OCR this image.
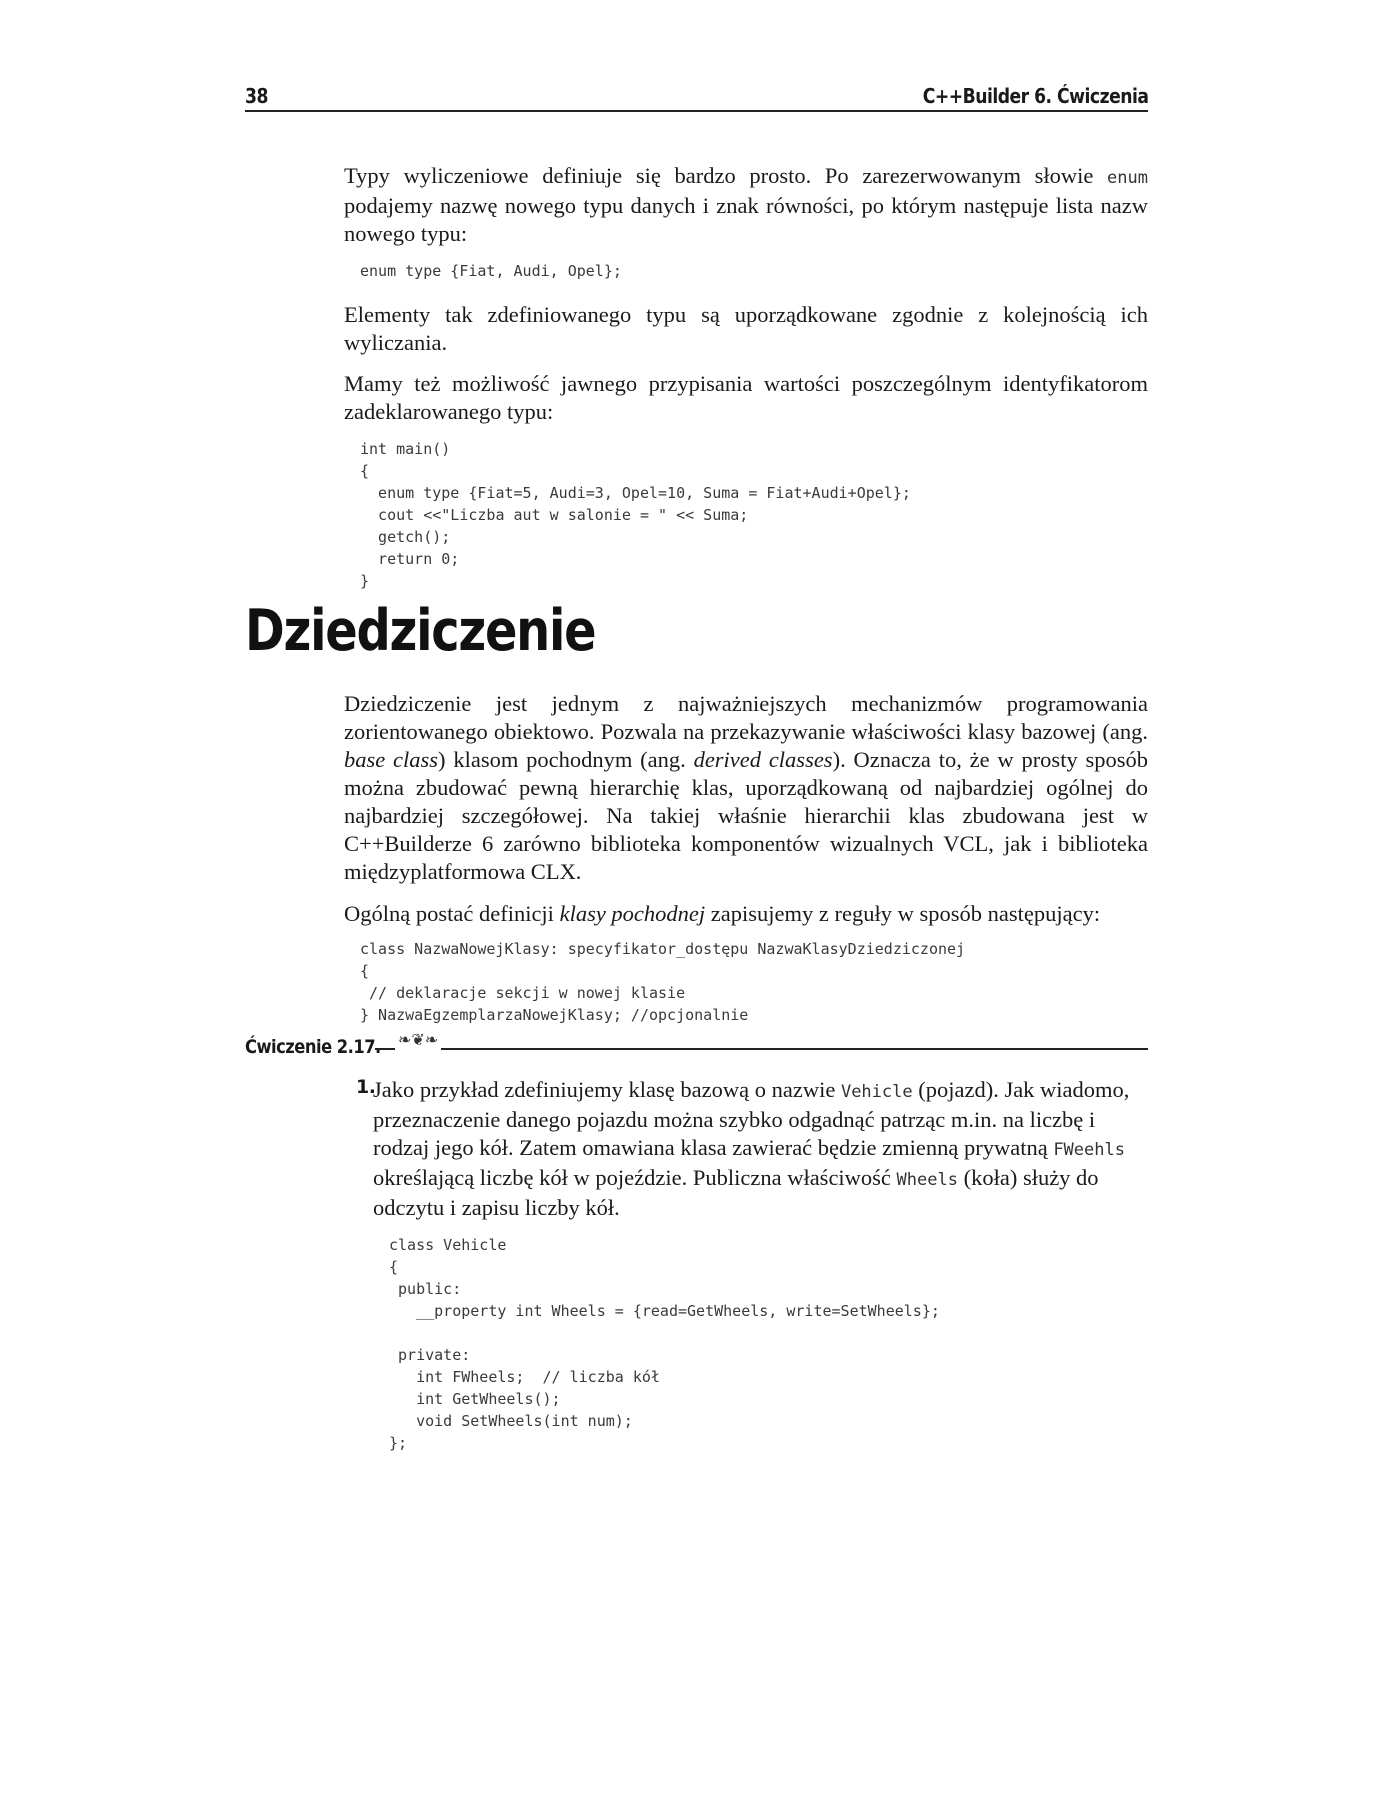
38	C++Builder 6. Ćwiczenia

Typy wyliczeniowe definiuje się bardzo prosto. Po zarezerwowanym słowie enum podajemy nazwę nowego typu danych i znak równości, po którym następuje lista nazw nowego typu:

enum type {Fiat, Audi, Opel};

Elementy tak zdefiniowanego typu są uporządkowane zgodnie z kolejnością ich wyliczania.

Mamy też możliwość jawnego przypisania wartości poszczególnym identyfikatorom zadeklarowanego typu:

int main()
{
enum type {Fiat=5, Audi=3, Opel=10, Suma = Fiat+Audi+Opel};
cout <<"Liczba aut w salonie = " << Suma;
getch();
return 0;
}
Dziedziczenie

Dziedziczenie jest jednym z najważniejszych mechanizmów programowania zorientowanego obiektowo. Pozwala na przekazywanie właściwości klasy bazowej (ang. base class) klasom pochodnym (ang. derived classes). Oznacza to, że w prosty sposób można zbudować pewną hierarchię klas, uporządkowaną od najbardziej ogólnej do najbardziej szczegółowej. Na takiej właśnie hierarchii klas zbudowana jest w C++Builderze 6 zarówno biblioteka komponentów wizualnych VCL, jak i biblioteka międzyplatformowa CLX.

Ogólną postać definicji klasy pochodnej zapisujemy z reguły w sposób następujący:

class NazwaNowejKlasy: specyfikator_dostępu NazwaKlasyDziedziczonej
{
// deklaracje sekcji w nowej klasie
} NazwaEgzemplarzaNowejKlasy; //opcjonalnie
Ćwiczenie 2.17. ❧❦❧
1.

Jako przykład zdefiniujemy klasę bazową o nazwie Vehicle (pojazd). Jak wiadomo, przeznaczenie danego pojazdu można szybko odgadnąć patrząc m.in. na liczbę i rodzaj jego kół. Zatem omawiana klasa zawierać będzie zmienną prywatną FWeehls określającą liczbę kół w pojeździe. Publiczna właściwość Wheels (koła) służy do odczytu i zapisu liczby kół.

class Vehicle
{
public:
__property int Wheels = {read=GetWheels, write=SetWheels};

private:
int FWheels;  // liczba kół
int GetWheels();
void SetWheels(int num);
};
